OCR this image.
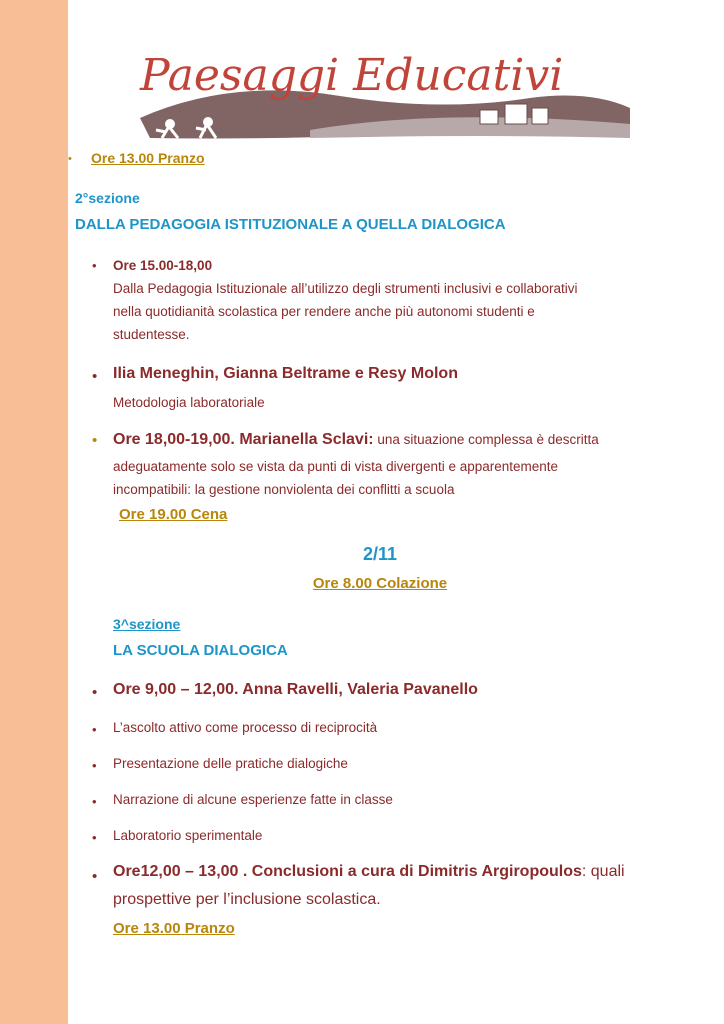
Paesaggi Educativi
• Ore 13.00 Pranzo
2°sezione
DALLA PEDAGOGIA ISTITUZIONALE A QUELLA DIALOGICA
• Ore 15.00-18,00
Dalla Pedagogia Istituzionale all’utilizzo degli strumenti inclusivi e collaborativi
nella quotidianità scolastica per rendere anche più autonomi studenti e
studentesse.
• Ilia Meneghin, Gianna Beltrame e Resy Molon
Metodologia laboratoriale
• Ore 18,00-19,00. Marianella Sclavi: una situazione complessa è descritta
adeguatamente solo se vista da punti di vista divergenti e apparentemente
incompatibili: la gestione nonviolenta dei conflitti a scuola
Ore 19.00 Cena
2/11
Ore 8.00 Colazione
3^sezione
LA SCUOLA DIALOGICA
• Ore 9,00 – 12,00. Anna Ravelli, Valeria Pavanello
• L’ascolto attivo come processo di reciprocità
• Presentazione delle pratiche dialogiche
• Narrazione di alcune esperienze fatte in classe
• Laboratorio sperimentale
• Ore12,00 – 13,00 . Conclusioni a cura di Dimitris Argiropoulos: quali
prospettive per l’inclusione scolastica.
Ore 13.00 Pranzo
